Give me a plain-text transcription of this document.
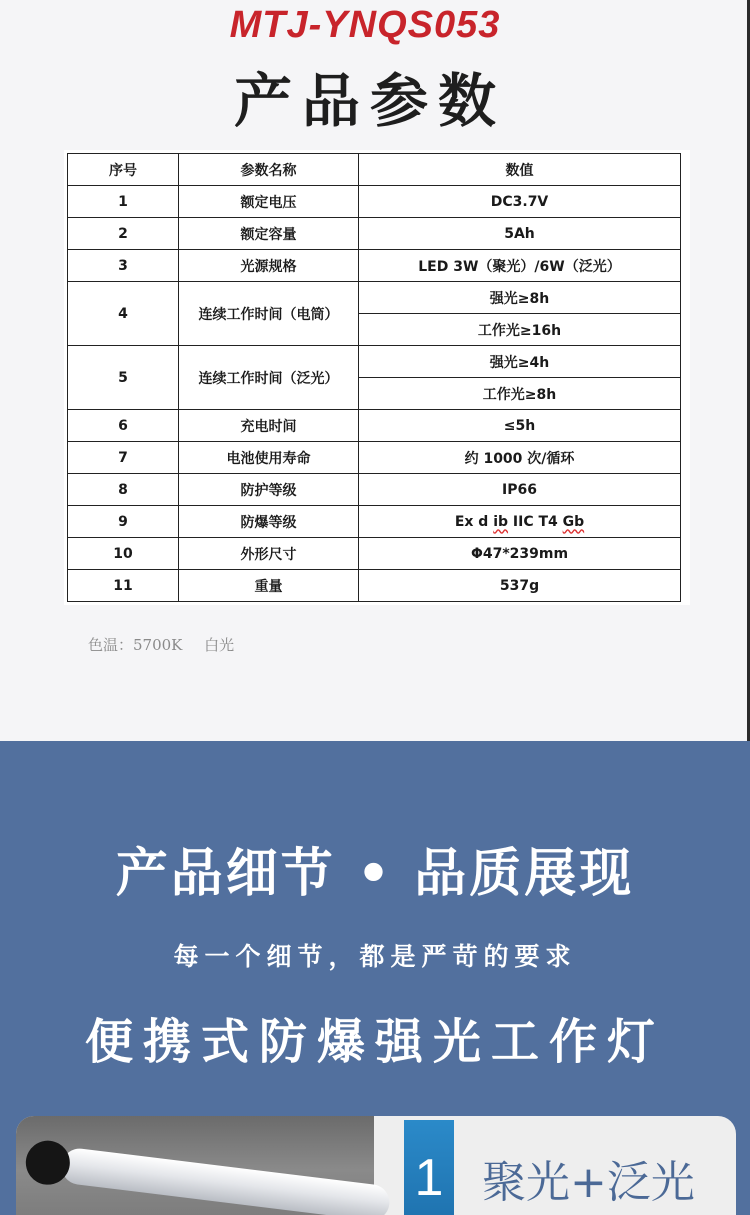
MTJ-YNQS053
产品参数
序号	参数名称	数值
1	额定电压	DC3.7V
2	额定容量	5Ah
3	光源规格	LED 3W（聚光）/6W（泛光）
4	连续工作时间（电筒）	强光≥8h
		工作光≥16h
5	连续工作时间（泛光）	强光≥4h
		工作光≥8h
6	充电时间	≤5h
7	电池使用寿命	约 1000 次/循环
8	防护等级	IP66
9	防爆等级	Ex d ib IIC T4 Gb
10	外形尺寸	Φ47*239mm
11	重量	537g
色温：5700K　 白光
产品细节 • 品质展现
每一个细节，都是严苛的要求
便携式防爆强光工作灯
1 聚光+泛光
